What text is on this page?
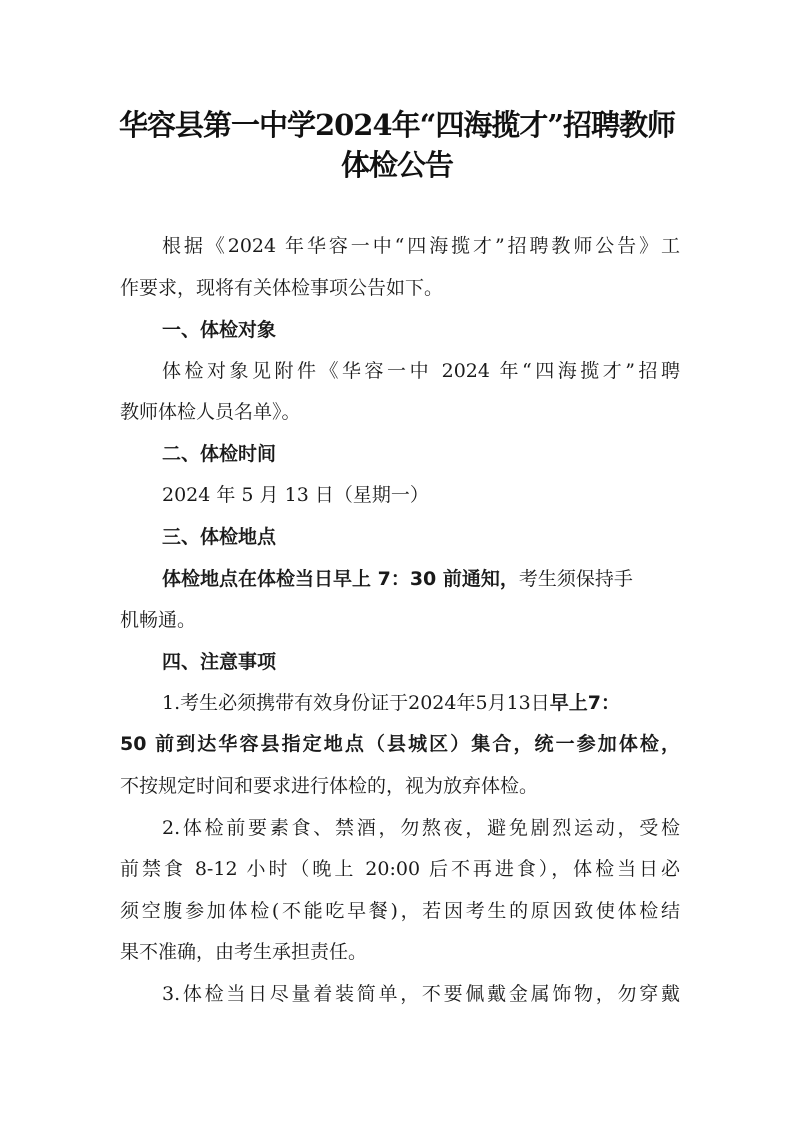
华容县第一中学2024年“四海揽才”招聘教师
体检公告
根据《2024 年华容一中“四海揽才”招聘教师公告》工
作要求，现将有关体检事项公告如下。
一、体检对象
体检对象见附件《华容一中 2024 年“四海揽才”招聘
教师体检人员名单》。
二、体检时间
2024 年 5 月 13 日（星期一）
三、体检地点
体检地点在体检当日早上 7：30 前通知，考生须保持手
机畅通。
四、注意事项
1.考生必须携带有效身份证于2024年5月13日早上7：
50 前到达华容县指定地点（县城区）集合，统一参加体检，
不按规定时间和要求进行体检的，视为放弃体检。
2.体检前要素食、禁酒，勿熬夜，避免剧烈运动，受检
前禁食 8-12 小时（晚上 20:00 后不再进食），体检当日必
须空腹参加体检(不能吃早餐)，若因考生的原因致使体检结
果不准确，由考生承担责任。
3.体检当日尽量着装简单，不要佩戴金属饰物，勿穿戴
